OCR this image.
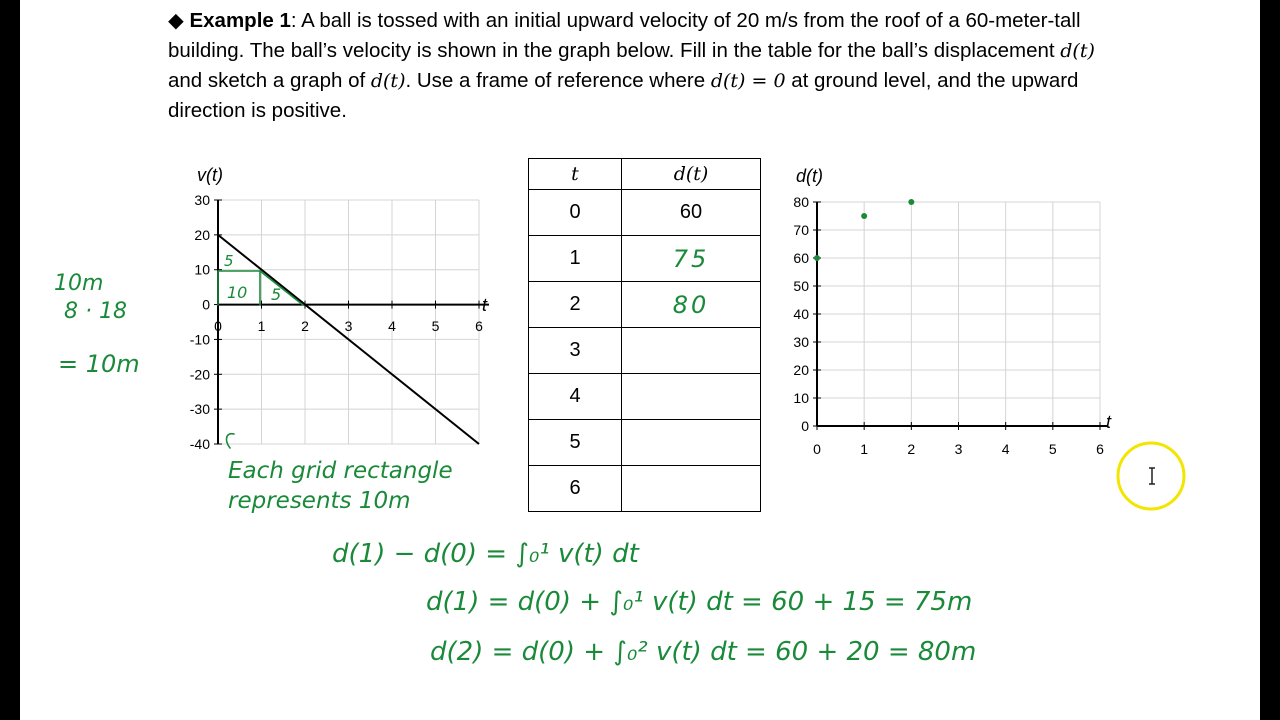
◆ Example 1: A ball is tossed with an initial upward velocity of 20 m/s from the roof of a 60-meter-tall building. The ball’s velocity is shown in the graph below. Fill in the table for the ball’s displacement d(t) and sketch a graph of d(t). Use a frame of reference where d(t) = 0 at ground level, and the upward direction is positive.
30
20
10
0
-10
-20
-30
-40
0	1	2	3	4	5	6
v(t)
t
80
70
60
50
40
30
20
10
0
0	1	2	3	4	5	6
d(t)
t
t	d(t)
0	60
1	75
2	80
3	
4	
5	
6	
10m
8 · 18
= 10m
5
10 5
Each grid rectangle
represents 10m
d(1) − d(0) = ∫₀¹ v(t) dt
d(1) = d(0) + ∫₀¹ v(t) dt = 60 + 15 = 75m
d(2) = d(0) + ∫₀² v(t) dt = 60 + 20 = 80m
